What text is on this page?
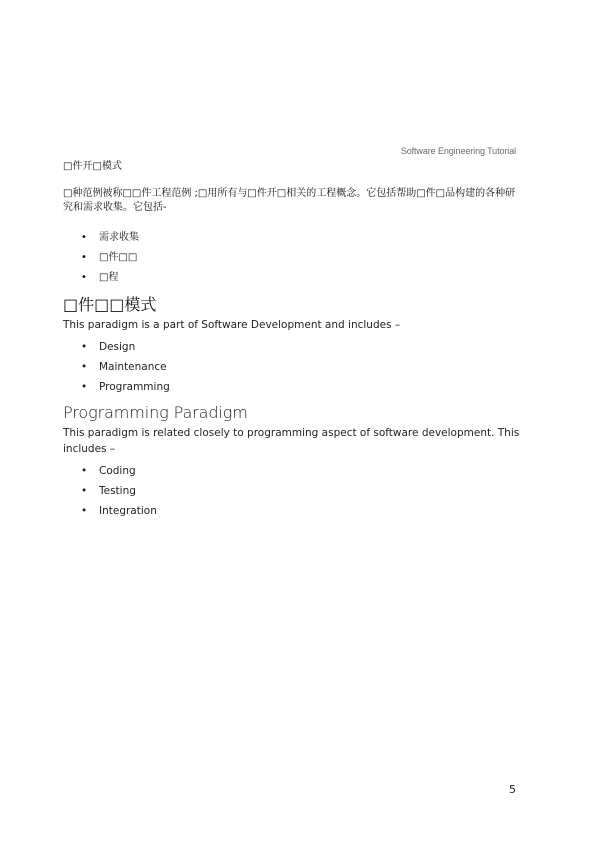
Software Engineering Tutorial
□件开□模式

□种范例被称□□件工程范例 ;□用所有与□件开□相关的工程概念。它包括帮助□件□品构建的各种研究和需求收集。它包括-

• 需求收集
• □件□□
• □程
□件□□模式

This paradigm is a part of Software Development and includes –

• Design
• Maintenance
• Programming
Programming Paradigm

This paradigm is related closely to programming aspect of software development. This includes –

• Coding
• Testing
• Integration
5
